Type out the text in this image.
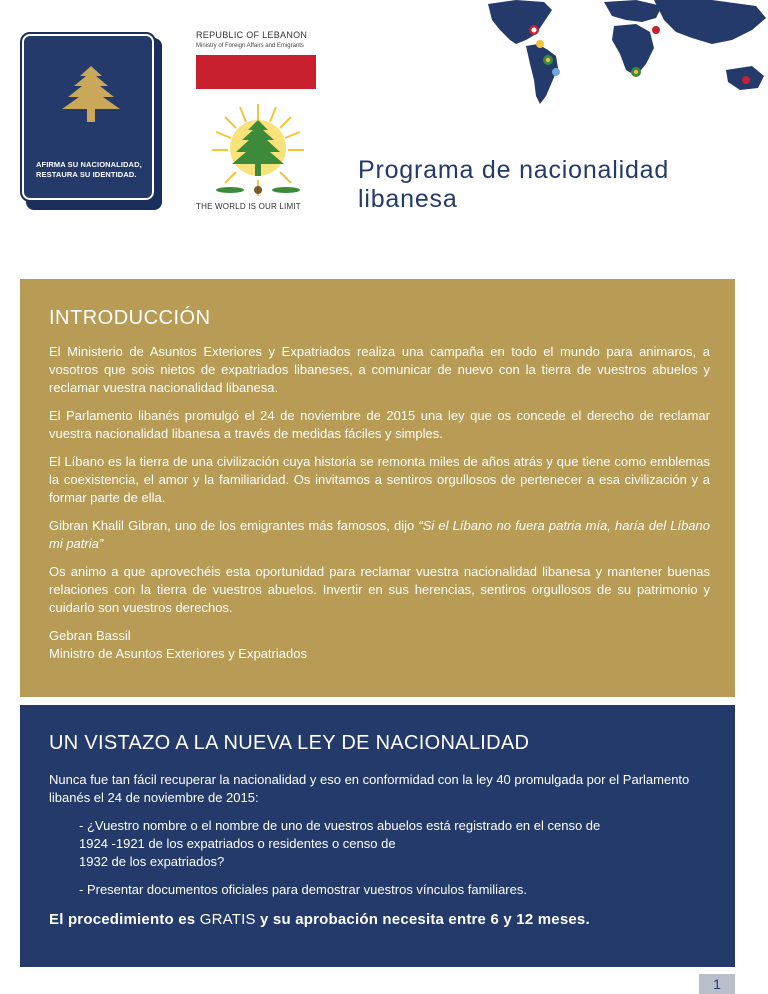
AFIRMA SU NACIONALIDAD,
RESTAURA SU IDENTIDAD.
REPUBLIC OF LEBANON
Ministry of Foreign Affairs and Emigrants
THE WORLD IS OUR LIMIT
Programa de nacionalidad
libanesa
INTRODUCCIÓN

El Ministerio de Asuntos Exteriores y Expatriados realiza una campaña en todo el mundo para animaros, a vosotros que sois nietos de expatriados libaneses, a comunicar de nuevo con la tierra de vuestros abuelos y reclamar vuestra nacionalidad libanesa.

El Parlamento libanés promulgó el 24 de noviembre de 2015 una ley que os concede el derecho de reclamar vuestra nacionalidad libanesa a través de medidas fáciles y simples.

El Líbano es la tierra de una civilización cuya historia se remonta miles de años atrás y que tiene como emblemas la coexistencia, el amor y la familiaridad. Os invitamos a sentiros orgullosos de pertenecer a esa civilización y a formar parte de ella.

Gibran Khalil Gibran, uno de los emigrantes más famosos, dijo “Si el Líbano no fuera patria mía, haría del Líbano mi patria”

Os animo a que aprovechéis esta oportunidad para reclamar vuestra nacionalidad libanesa y mantener buenas relaciones con la tierra de vuestros abuelos. Invertir en sus herencias, sentiros orgullosos de su patrimonio y cuidarlo son vuestros derechos.

Gebran Bassil
Ministro de Asuntos Exteriores y Expatriados

UN VISTAZO A LA NUEVA LEY DE NACIONALIDAD

Nunca fue tan fácil recuperar la nacionalidad y eso en conformidad con la ley 40 promulgada por el Parlamento libanés el 24 de noviembre de 2015:

- ¿Vuestro nombre o el nombre de uno de vuestros abuelos está registrado en el censo de
1924 -1921 de los expatriados o residentes o censo de
1932 de los expatriados?

- Presentar documentos oficiales para demostrar vuestros vínculos familiares.

El procedimiento es GRATIS y su aprobación necesita entre 6 y 12 meses.

1
